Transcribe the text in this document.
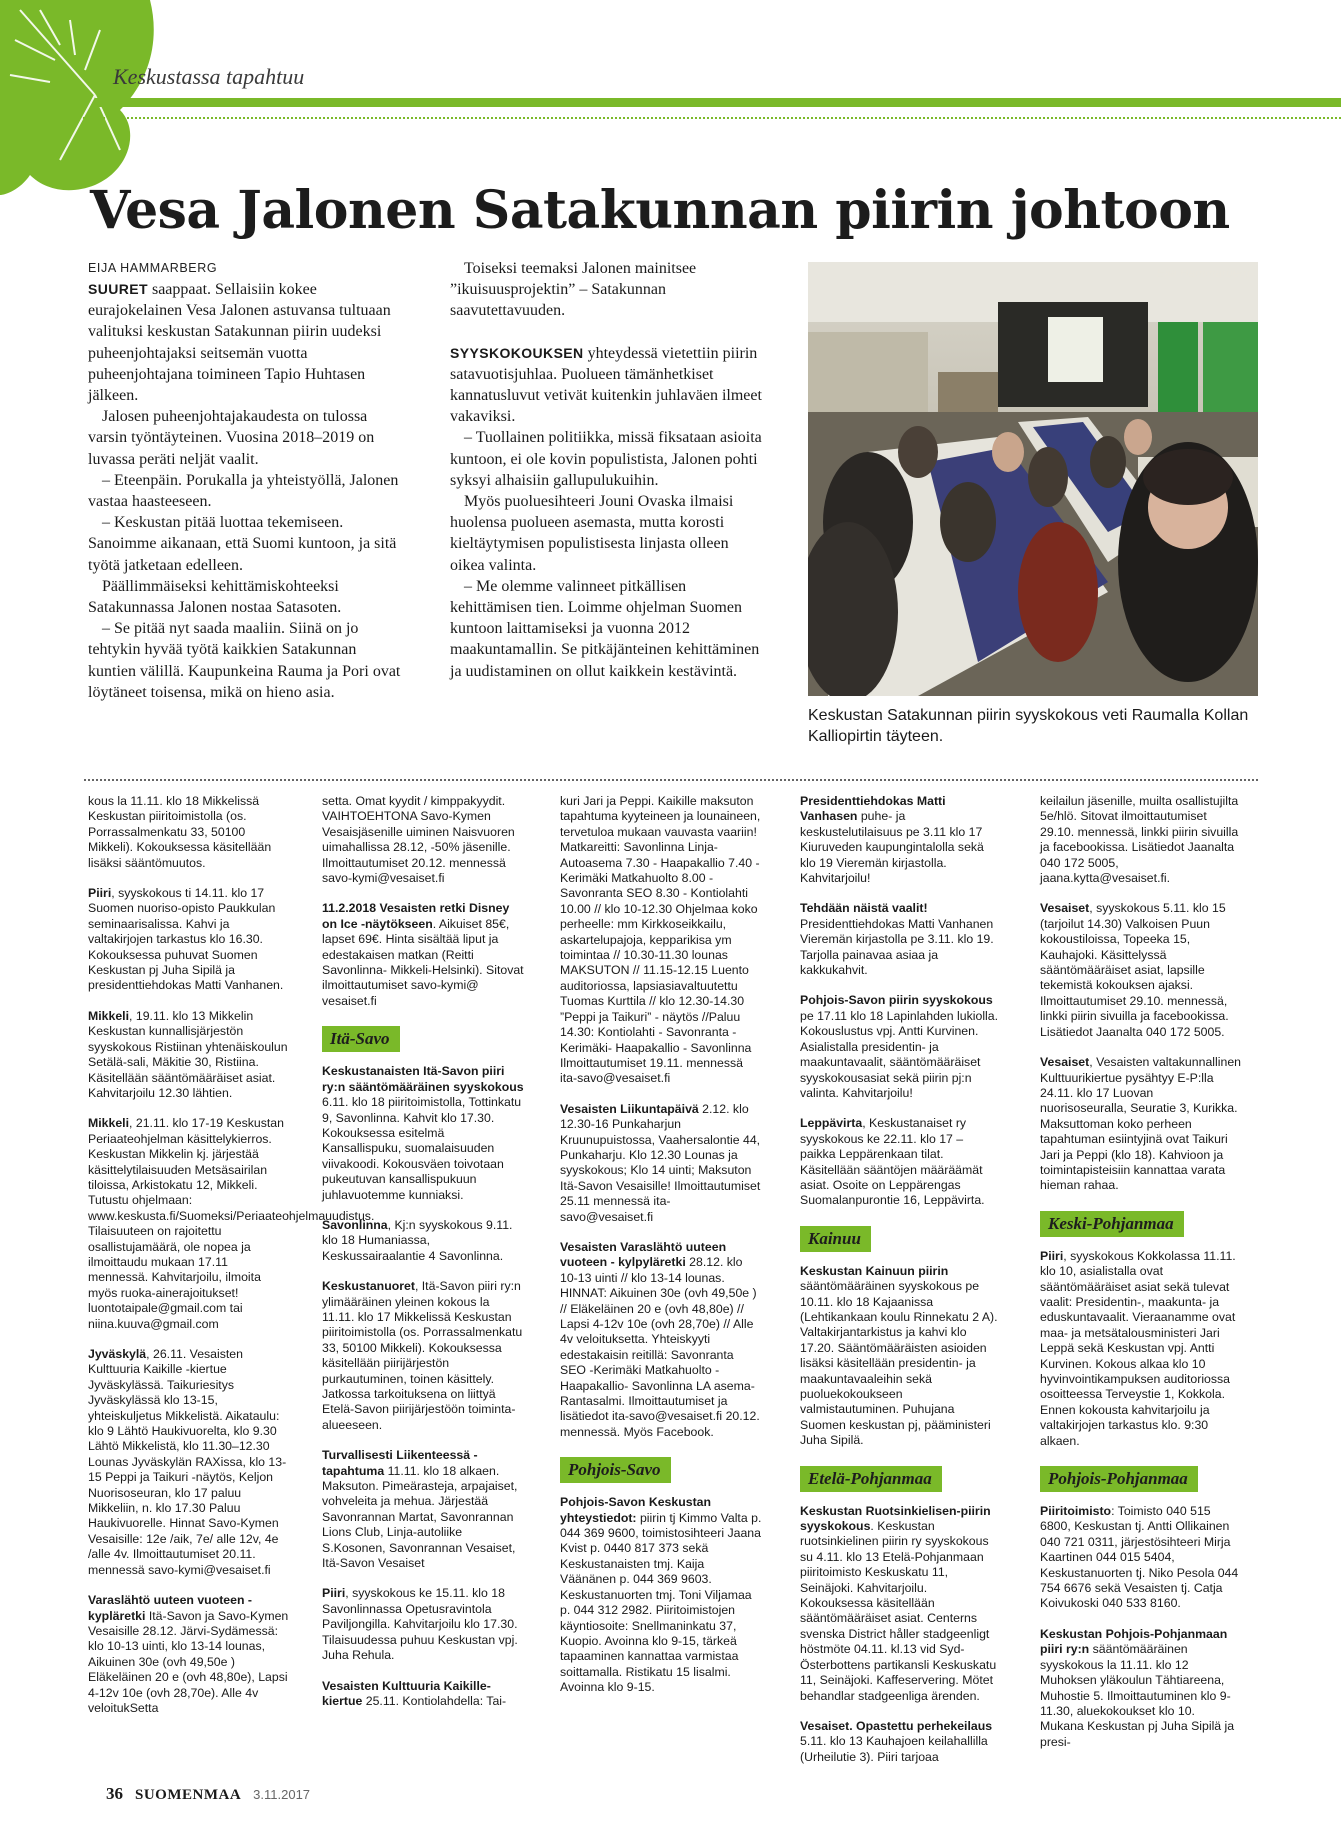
Keskustassa tapahtuu
Vesa Jalonen Satakunnan piirin johtoon
EIJA HAMMARBERG

SUURET saappaat. Sellaisiin kokee eurajokelainen Vesa Jalonen astuvansa tultuaan valituksi keskustan Satakunnan piirin uudeksi puheenjohtajaksi seitsemän vuotta puheenjohtajana toimineen Tapio Huhtasen jälkeen.

Jalosen puheenjohtajakaudesta on tulossa varsin työntäyteinen. Vuosina 2018–2019 on luvassa peräti neljät vaalit.

– Eteenpäin. Porukalla ja yhteistyöllä, Jalonen vastaa haasteeseen.

– Keskustan pitää luottaa tekemiseen. Sanoimme aikanaan, että Suomi kuntoon, ja sitä työtä jatketaan edelleen.

Päällimmäiseksi kehittämiskohteeksi Satakunnassa Jalonen nostaa Satasoten.

– Se pitää nyt saada maaliin. Siinä on jo tehtykin hyvää työtä kaikkien Satakunnan kuntien välillä. Kaupunkeina Rauma ja Pori ovat löytäneet toisensa, mikä on hieno asia.

Toiseksi teemaksi Jalonen mainitsee ”ikuisuusprojektin” – Satakunnan saavutettavuuden.

SYYSKOKOUKSEN yhteydessä vietettiin piirin satavuotisjuhlaa. Puolueen tämänhetkiset kannatusluvut vetivät kuitenkin juhlaväen ilmeet vakaviksi.

– Tuollainen politiikka, missä fiksataan asioita kuntoon, ei ole kovin populistista, Jalonen pohti syksyi alhaisiin gallupulukuihin.

Myös puoluesihteeri Jouni Ovaska ilmaisi huolensa puolueen asemasta, mutta korosti kieltäytymisen populistisesta linjasta olleen oikea valinta.

– Me olemme valinneet pitkällisen kehittämisen tien. Loimme ohjelman Suomen kuntoon laittamiseksi ja vuonna 2012 maakuntamallin. Se pitkäjänteinen kehittäminen ja uudistaminen on ollut kaikkein kestävintä.

Eija Hammarberg
Keskustan Satakunnan piirin syyskokous veti Raumalla Kollan Kalliopirtin täyteen.

kous la 11.11. klo 18 Mikkelissä Keskustan piiritoimistolla (os. Porrassalmenkatu 33, 50100 Mikkeli). Kokouksessa käsitellään lisäksi sääntömuutos.

Piiri, syyskokous ti 14.11. klo 17 Suomen nuoriso-opisto Paukkulan seminaarisalissa. Kahvi ja valtakirjojen tarkastus klo 16.30. Kokouksessa puhuvat Suomen Keskustan pj Juha Sipilä ja presidenttiehdokas Matti Vanhanen.

Mikkeli, 19.11. klo 13 Mikkelin Keskustan kunnallisjärjestön syyskokous Ristiinan yhtenäiskoulun Setälä-sali, Mäkitie 30, Ristiina. Käsitellään sääntömääräiset asiat. Kahvitarjoilu 12.30 lähtien.

Mikkeli, 21.11. klo 17-19 Keskustan Periaateohjelman käsittelykierros. Keskustan Mikkelin kj. järjestää käsittelytilaisuuden Metsäsairilan tiloissa, Arkistokatu 12, Mikkeli. Tutustu ohjelmaan: www.keskusta.fi/Suomeksi/Periaateohjelmauudistus. Tilaisuuteen on rajoitettu osallistujamäärä, ole nopea ja ilmoittaudu mukaan 17.11 mennessä. Kahvitarjoilu, ilmoita myös ruoka-ainerajoitukset! luontotaipale@gmail.com tai niina.kuuva@gmail.com

Jyväskylä, 26.11. Vesaisten Kulttuuria Kaikille -kiertue Jyväskylässä. Taikuriesitys Jyväskylässä klo 13-15, yhteiskuljetus Mikkelistä. Aikataulu: klo 9 Lähtö Haukivuorelta, klo 9.30 Lähtö Mikkelistä, klo 11.30–12.30 Lounas Jyväskylän RAXissa, klo 13-15 Peppi ja Taikuri -näytös, Keljon Nuorisoseuran, klo 17 paluu Mikkeliin, n. klo 17.30 Paluu Haukivuorelle. Hinnat Savo-Kymen Vesaisille: 12e /aik, 7e/ alle 12v, 4e /alle 4v. Ilmoittautumiset 20.11. mennessä savo-kymi@vesaiset.fi

Varaslähtö uuteen vuoteen - kypläretki Itä-Savon ja Savo-Kymen Vesaisille 28.12. Järvi-Sydämessä: klo 10-13 uinti, klo 13-14 lounas, Aikuinen 30e (ovh 49,50e ) Eläkeläinen 20 e (ovh 48,80e), Lapsi 4-12v 10e (ovh 28,70e). Alle 4v veloitukSetta

setta. Omat kyydit / kimppakyydit. VAIHTOEHTONA Savo-Kymen Vesaisjäsenille uiminen Naisvuoren uimahallissa 28.12, -50% jäsenille. Ilmoittautumiset 20.12. mennessä savo-kymi@vesaiset.fi

11.2.2018 Vesaisten retki Disney on Ice -näytökseen. Aikuiset 85€, lapset 69€. Hinta sisältää liput ja edestakaisen matkan (Reitti Savonlinna- Mikkeli-Helsinki). Sitovat ilmoittautumiset savo-kymi@ vesaiset.fi

Itä-Savo

Keskustanaisten Itä-Savon piiri ry:n sääntömääräinen syyskokous 6.11. klo 18 piiritoimistolla, Tottinkatu 9, Savonlinna. Kahvit klo 17.30. Kokouksessa esitelmä Kansallispuku, suomalaisuuden viivakoodi. Kokousväen toivotaan pukeutuvan kansallispukuun juhlavuotemme kunniaksi.

Savonlinna, Kj:n syyskokous 9.11. klo 18 Humaniassa, Keskussairaalantie 4 Savonlinna.

Keskustanuoret, Itä-Savon piiri ry:n ylimääräinen yleinen kokous la 11.11. klo 17 Mikkelissä Keskustan piiritoimistolla (os. Porrassalmenkatu 33, 50100 Mikkeli). Kokouksessa käsitellään piirijärjestön purkautuminen, toinen käsittely. Jatkossa tarkoituksena on liittyä Etelä-Savon piirijärjestöön toiminta-alueeseen.

Turvallisesti Liikenteessä -tapahtuma 11.11. klo 18 alkaen. Maksuton. Pimeärasteja, arpajaiset, vohveleita ja mehua. Järjestää Savonrannan Martat, Savonrannan Lions Club, Linja-autoliike S.Kosonen, Savonrannan Vesaiset, Itä-Savon Vesaiset

Piiri, syyskokous ke 15.11. klo 18 Savonlinnassa Opetusravintola Paviljongilla. Kahvitarjoilu klo 17.30. Tilaisuudessa puhuu Keskustan vpj. Juha Rehula.

Vesaisten Kulttuuria Kaikille-kiertue 25.11. Kontiolahdella: Tai-

kuri Jari ja Peppi. Kaikille maksuton tapahtuma kyyteineen ja lounaineen, tervetuloa mukaan vauvasta vaariin! Matkareitti: Savonlinna Linja-Autoasema 7.30 - Haapakallio 7.40 - Kerimäki Matkahuolto 8.00 - Savonranta SEO 8.30 - Kontiolahti 10.00 // klo 10-12.30 Ohjelmaa koko perheelle: mm Kirkkoseikkailu, askartelupajoja, kepparikisa ym toimintaa // 10.30-11.30 lounas MAKSUTON // 11.15-12.15 Luento auditoriossa, lapsiasiavaltuutettu Tuomas Kurttila // klo 12.30-14.30 ”Peppi ja Taikuri” - näytös //Paluu 14.30: Kontiolahti - Savonranta - Kerimäki- Haapakallio - Savonlinna Ilmoittautumiset 19.11. mennessä ita-savo@vesaiset.fi

Vesaisten Liikuntapäivä 2.12. klo 12.30-16 Punkaharjun Kruunupuistossa, Vaahersalontie 44, Punkaharju. Klo 12.30 Lounas ja syyskokous; Klo 14 uinti; Maksuton Itä-Savon Vesaisille! Ilmoittautumiset 25.11 mennessä ita-savo@vesaiset.fi

Vesaisten Varaslähtö uuteen vuoteen - kylpyläretki 28.12. klo 10-13 uinti // klo 13-14 lounas. HINNAT: Aikuinen 30e (ovh 49,50e ) // Eläkeläinen 20 e (ovh 48,80e) // Lapsi 4-12v 10e (ovh 28,70e) // Alle 4v veloituksetta. Yhteiskyyti edestakaisin reitillä: Savonranta SEO -Kerimäki Matkahuolto - Haapakallio- Savonlinna LA asema- Rantasalmi. Ilmoittautumiset ja lisätiedot ita-savo@vesaiset.fi 20.12. mennessä. Myös Facebook.

Pohjois-Savo

Pohjois-Savon Keskustan yhteystiedot: piirin tj Kimmo Valta p. 044 369 9600, toimistosihteeri Jaana Kvist p. 0440 817 373 sekä Keskustanaisten tmj. Kaija Väänänen p. 044 369 9603. Keskustanuorten tmj. Toni Viljamaa p. 044 312 2982. Piiritoimistojen käyntiosoite: Snellmaninkatu 37, Kuopio. Avoinna klo 9-15, tärkeä tapaaminen kannattaa varmistaa soittamalla. Ristikatu 15 lisalmi. Avoinna klo 9-15.

Presidenttiehdokas Matti Vanhasen puhe- ja keskustelutilaisuus pe 3.11 klo 17 Kiuruveden kaupungintalolla sekä klo 19 Vieremän kirjastolla. Kahvitarjoilu!

Tehdään näistä vaalit! Presidenttiehdokas Matti Vanhanen Vieremän kirjastolla pe 3.11. klo 19. Tarjolla painavaa asiaa ja kakkukahvit.

Pohjois-Savon piirin syyskokous pe 17.11 klo 18 Lapinlahden lukiolla. Kokouslustus vpj. Antti Kurvinen. Asialistalla presidentin- ja maakuntavaalit, sääntömääräiset syyskokousasiat sekä piirin pj:n valinta. Kahvitarjoilu!

Leppävirta, Keskustanaiset ry syyskokous ke 22.11. klo 17 – paikka Leppärenkaan tilat. Käsitellään sääntöjen määräämät asiat. Osoite on Leppärengas Suomalanpurontie 16, Leppävirta.

Kainuu

Keskustan Kainuun piirin sääntömääräinen syyskokous pe 10.11. klo 18 Kajaanissa (Lehtikankaan koulu Rinnekatu 2 A). Valtakirjantarkistus ja kahvi klo 17.20. Sääntömääräisten asioiden lisäksi käsitellään presidentin- ja maakuntavaaleihin sekä puoluekokoukseen valmistautuminen. Puhujana Suomen keskustan pj, pääministeri Juha Sipilä.

Etelä-Pohjanmaa

Keskustan Ruotsinkielisen-piirin syyskokous. Keskustan ruotsinkielinen piirin ry syyskokous su 4.11. klo 13 Etelä-Pohjanmaan piiritoimisto Keskuskatu 11, Seinäjoki. Kahvitarjoilu. Kokouksessa käsitellään sääntömääräiset asiat. Centerns svenska District håller stadgeenligt höstmöte 04.11. kl.13 vid Syd-Österbottens partikansli Keskuskatu 11, Seinäjoki. Kaffeservering. Mötet behandlar stadgeenliga ärenden.

Vesaiset. Opastettu perhekeilaus 5.11. klo 13 Kauhajoen keilahallilla (Urheilutie 3). Piiri tarjoaa

keilailun jäsenille, muilta osallistujilta 5e/hlö. Sitovat ilmoittautumiset 29.10. mennessä, linkki piirin sivuilla ja facebookissa. Lisätiedot Jaanalta 040 172 5005, jaana.kytta@vesaiset.fi.

Vesaiset, syyskokous 5.11. klo 15 (tarjoilut 14.30) Valkoisen Puun kokoustiloissa, Topeeka 15, Kauhajoki. Käsittelyssä sääntömääräiset asiat, lapsille tekemistä kokouksen ajaksi. Ilmoittautumiset 29.10. mennessä, linkki piirin sivuilla ja facebookissa. Lisätiedot Jaanalta 040 172 5005.

Vesaiset, Vesaisten valtakunnallinen Kulttuurikiertue pysähtyy E-P:lla 24.11. klo 17 Luovan nuorisoseuralla, Seuratie 3, Kurikka. Maksuttoman koko perheen tapahtuman esiintyjinä ovat Taikuri Jari ja Peppi (klo 18). Kahvioon ja toimintapisteisiin kannattaa varata hieman rahaa.

Keski-Pohjanmaa

Piiri, syyskokous Kokkolassa 11.11. klo 10, asialistalla ovat sääntömääräiset asiat sekä tulevat vaalit: Presidentin-, maakunta- ja eduskuntavaalit. Vieraanamme ovat maa- ja metsätalousministeri Jari Leppä sekä Keskustan vpj. Antti Kurvinen. Kokous alkaa klo 10 hyvinvointikampuksen auditoriossa osoitteessa Terveystie 1, Kokkola. Ennen kokousta kahvitarjoilu ja valtakirjojen tarkastus klo. 9:30 alkaen.

Pohjois-Pohjanmaa

Piiritoimisto: Toimisto 040 515 6800, Keskustan tj. Antti Ollikainen 040 721 0311, järjestösihteeri Mirja Kaartinen 044 015 5404, Keskustanuorten tj. Niko Pesola 044 754 6676 sekä Vesaisten tj. Catja Koivukoski 040 533 8160.

Keskustan Pohjois-Pohjanmaan piiri ry:n sääntömääräinen syyskokous la 11.11. klo 12 Muhoksen yläkoulun Tähtiareena, Muhostie 5. Ilmoittautuminen klo 9-11.30, aluekokoukset klo 10. Mukana Keskustan pj Juha Sipilä ja presi-

36 SUOMENMAA 3.11.2017
